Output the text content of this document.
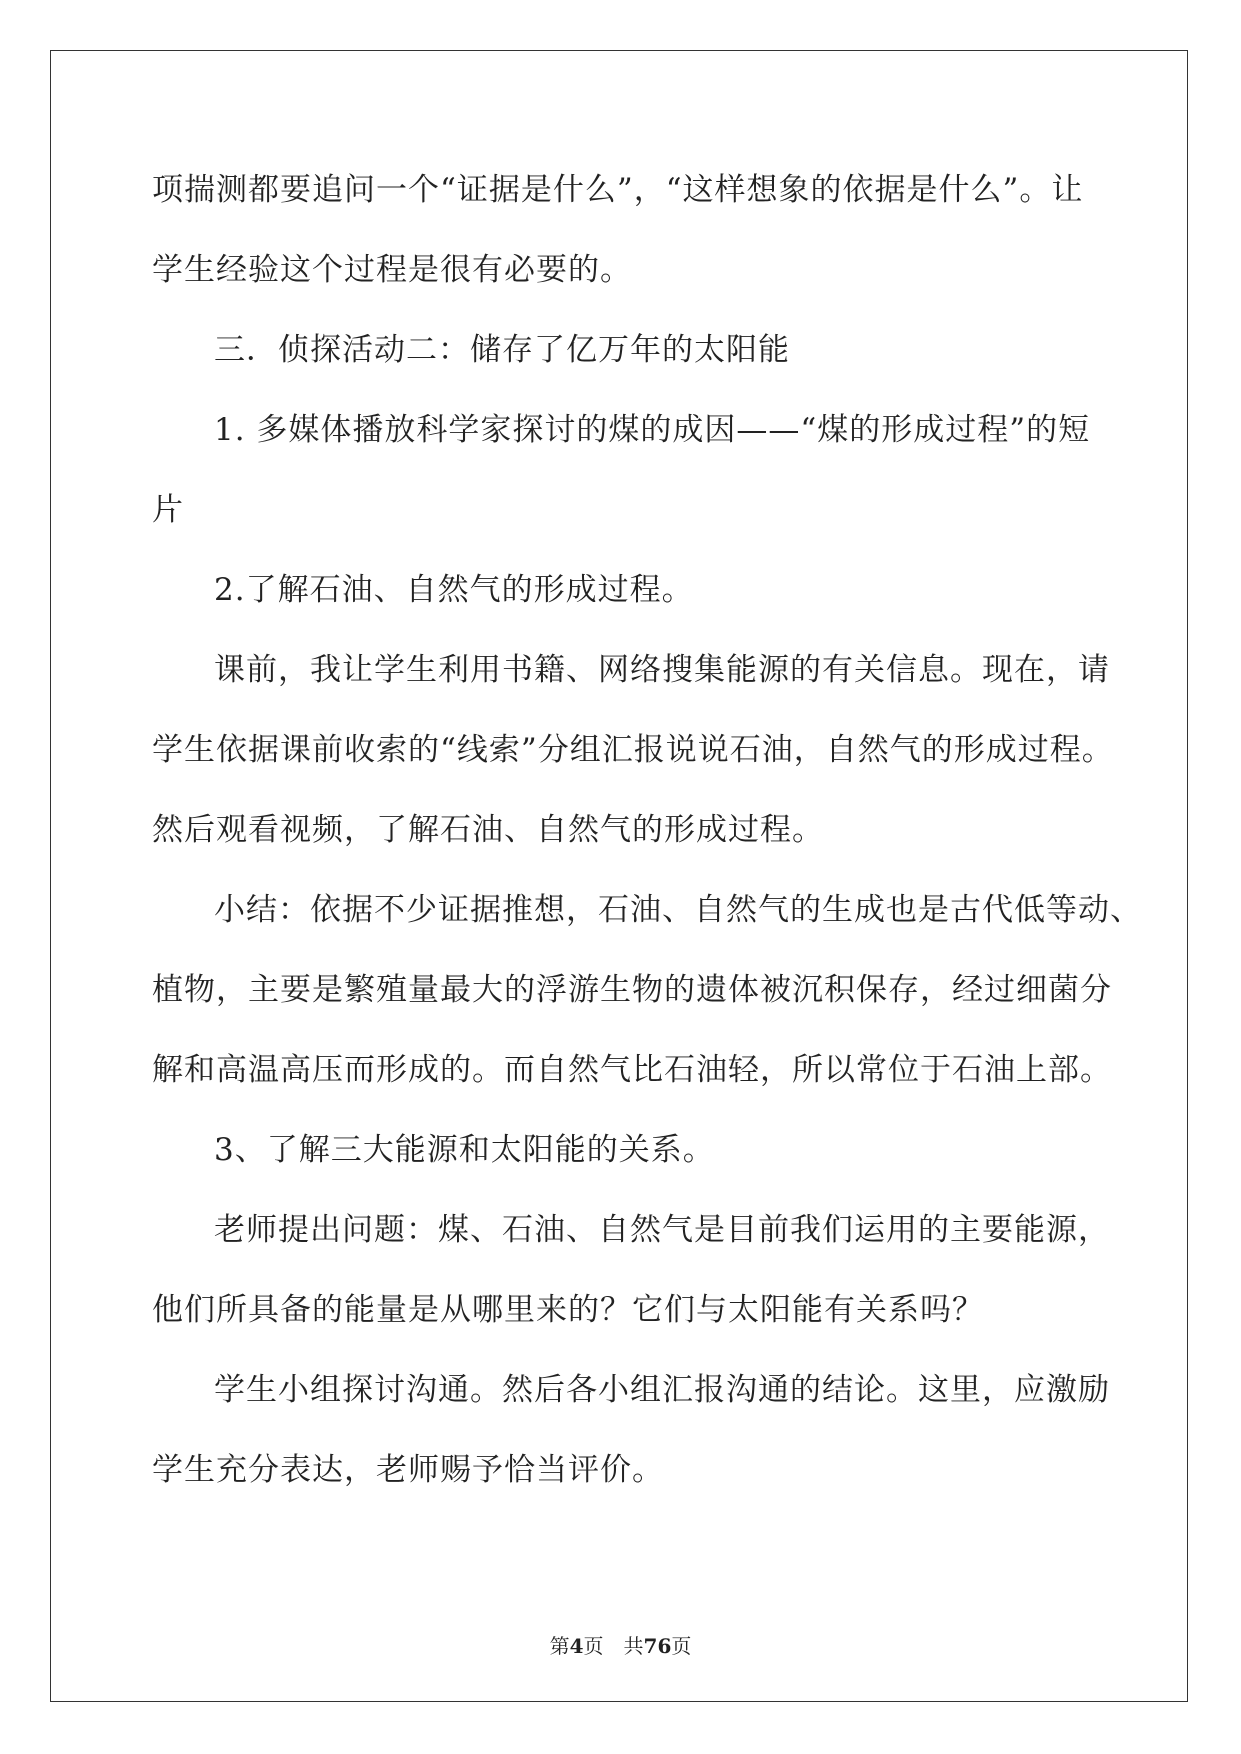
项揣测都要追问一个“证据是什么”，“这样想象的依据是什么”。让
学生经验这个过程是很有必要的。
三．侦探活动二：储存了亿万年的太阳能
1. 多媒体播放科学家探讨的煤的成因——“煤的形成过程”的短
片
2.了解石油、自然气的形成过程。
课前，我让学生利用书籍、网络搜集能源的有关信息。现在，请
学生依据课前收索的“线索”分组汇报说说石油，自然气的形成过程。
然后观看视频，了解石油、自然气的形成过程。
小结：依据不少证据推想，石油、自然气的生成也是古代低等动、
植物，主要是繁殖量最大的浮游生物的遗体被沉积保存，经过细菌分
解和高温高压而形成的。而自然气比石油轻，所以常位于石油上部。
3、了解三大能源和太阳能的关系。
老师提出问题：煤、石油、自然气是目前我们运用的主要能源，
他们所具备的能量是从哪里来的？它们与太阳能有关系吗？
学生小组探讨沟通。然后各小组汇报沟通的结论。这里，应激励
学生充分表达，老师赐予恰当评价。
第4页　共76页
